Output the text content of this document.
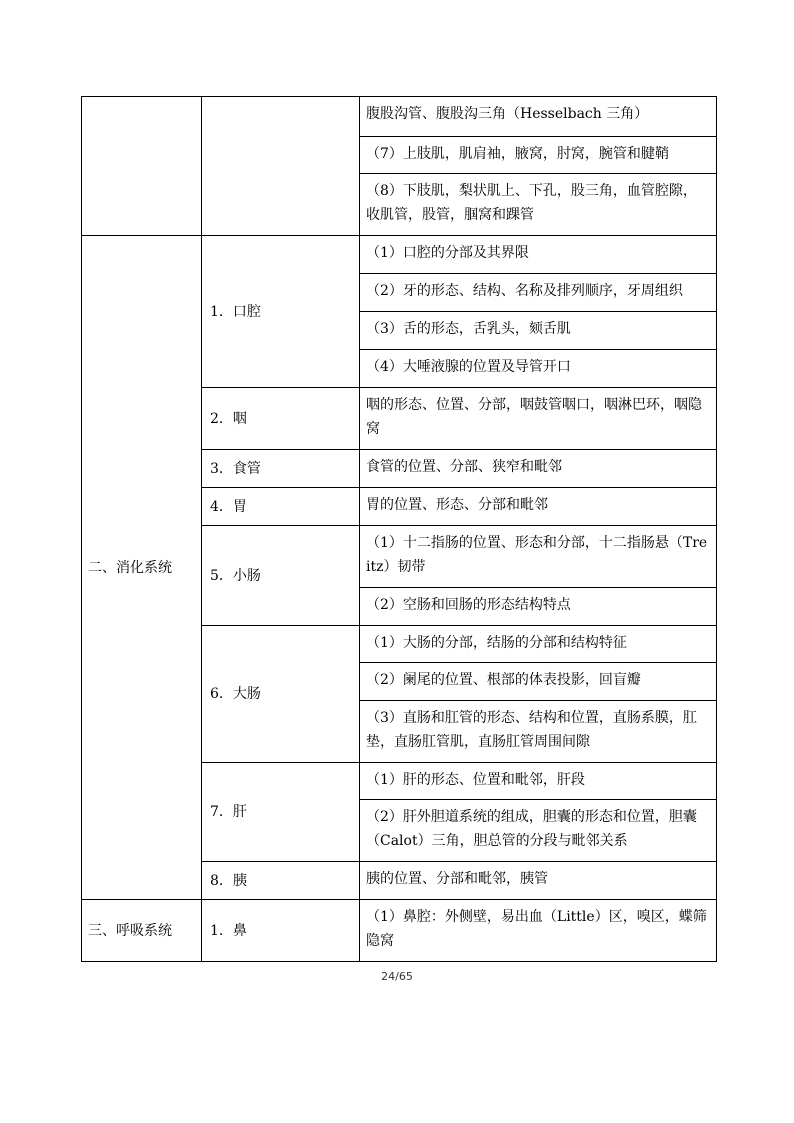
		腹股沟管、腹股沟三角（Hesselbach 三角）
		（7）上肢肌，肌肩袖，腋窝，肘窝，腕管和腱鞘
		（8）下肢肌，梨状肌上、下孔，股三角，血管腔隙，收肌管，股管，腘窝和踝管
二、消化系统	1．口腔	（1）口腔的分部及其界限
		（2）牙的形态、结构、名称及排列顺序，牙周组织
		（3）舌的形态，舌乳头，颏舌肌
		（4）大唾液腺的位置及导管开口
	2．咽	咽的形态、位置、分部，咽鼓管咽口，咽淋巴环，咽隐窝
	3．食管	食管的位置、分部、狭窄和毗邻
	4．胃	胃的位置、形态、分部和毗邻
	5．小肠	（1）十二指肠的位置、形态和分部，十二指肠悬（Treitz）韧带
		（2）空肠和回肠的形态结构特点
	6．大肠	（1）大肠的分部，结肠的分部和结构特征
		（2）阑尾的位置、根部的体表投影，回盲瓣
		（3）直肠和肛管的形态、结构和位置，直肠系膜，肛垫，直肠肛管肌，直肠肛管周围间隙
	7．肝	（1）肝的形态、位置和毗邻，肝段
		（2）肝外胆道系统的组成，胆囊的形态和位置，胆囊（Calot）三角，胆总管的分段与毗邻关系
	8．胰	胰的位置、分部和毗邻，胰管
三、呼吸系统	1．鼻	（1）鼻腔：外侧壁，易出血（Little）区，嗅区，蝶筛隐窝
24/65
